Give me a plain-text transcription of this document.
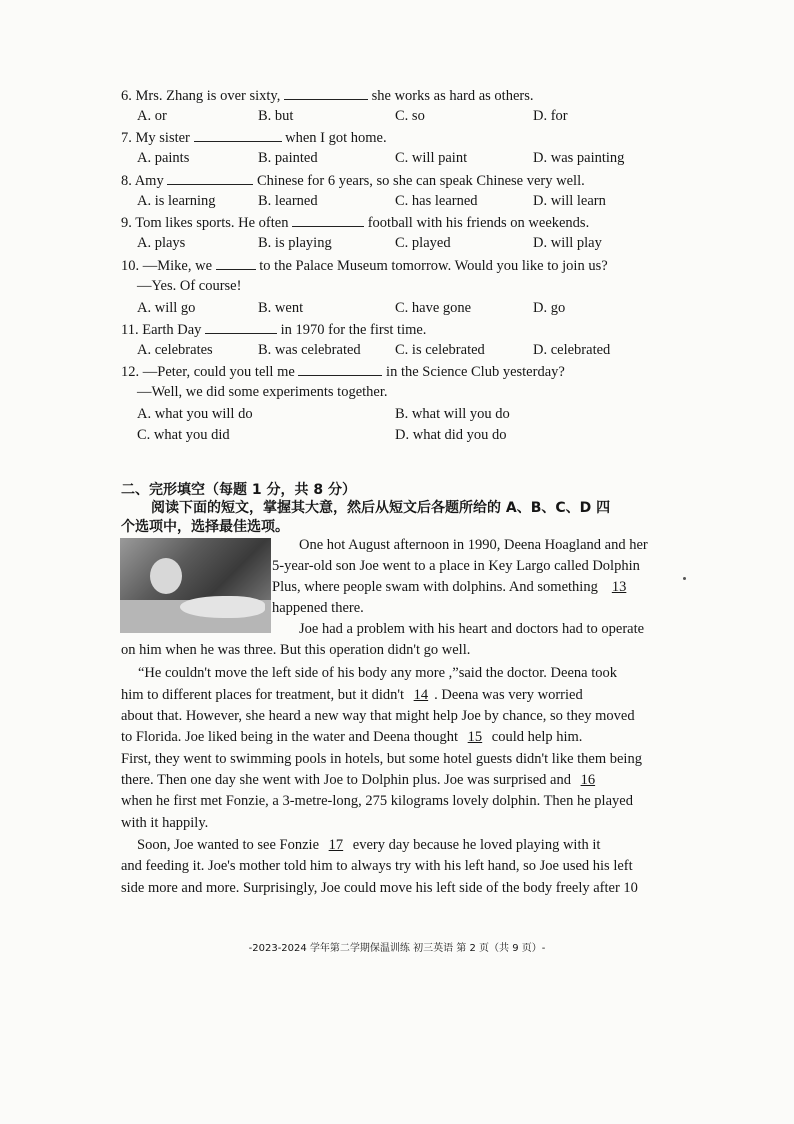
6. Mrs. Zhang is over sixty,	she works as hard as others.
A. or	B. but	C. so	D. for
7. My sister	when I got home.
A. paints	B. painted	C. will paint	D. was painting
8. Amy	Chinese for 6 years, so she can speak Chinese very well.
A. is learning	B. learned	C. has learned	D. will learn
9. Tom likes sports. He often	football with his friends on weekends.
A. plays	B. is playing	C. played	D. will play
10. —Mike, we	to the Palace Museum tomorrow. Would you like to join us?
—Yes. Of course!
A. will go	B. went	C. have gone	D. go
11. Earth Day	in 1970 for the first time.
A. celebrates	B. was celebrated C. is celebrated	D. celebrated
12. —Peter, could you tell me	in the Science Club yesterday?
—Well, we did some experiments together.
A. what you will do	B. what will you do
C. what you did	D. what did you do
二、完形填空（每题 1 分，共 8 分）
阅读下面的短文，掌握其大意，然后从短文后各题所给的 A、B、C、D 四
个选项中，选择最佳选项。
One hot August afternoon in 1990, Deena Hoagland and her
5-year-old son Joe went to a place in Key Largo called Dolphin
Plus, where people swam with dolphins. And something 13
happened there.
Joe had a problem with his heart and doctors had to operate
on him when he was three. But this operation didn't go well.
“He couldn't move the left side of his body any more ,”said the doctor. Deena took
him to different places for treatment, but it didn't 14 . Deena was very worried
about that. However, she heard a new way that might help Joe by chance, so they moved
to Florida. Joe liked being in the water and Deena thought 15 could help him.
First, they went to swimming pools in hotels, but some hotel guests didn't like them being
there. Then one day she went with Joe to Dolphin plus. Joe was surprised and 16
when he first met Fonzie, a 3-metre-long, 275 kilograms lovely dolphin. Then he played
with it happily.
Soon, Joe wanted to see Fonzie 17 every day because he loved playing with it
and feeding it. Joe's mother told him to always try with his left hand, so Joe used his left
side more and more. Surprisingly, Joe could move his left side of the body freely after 10
-2023-2024 学年第二学期保温训练 初三英语 第 2 页（共 9 页）-
